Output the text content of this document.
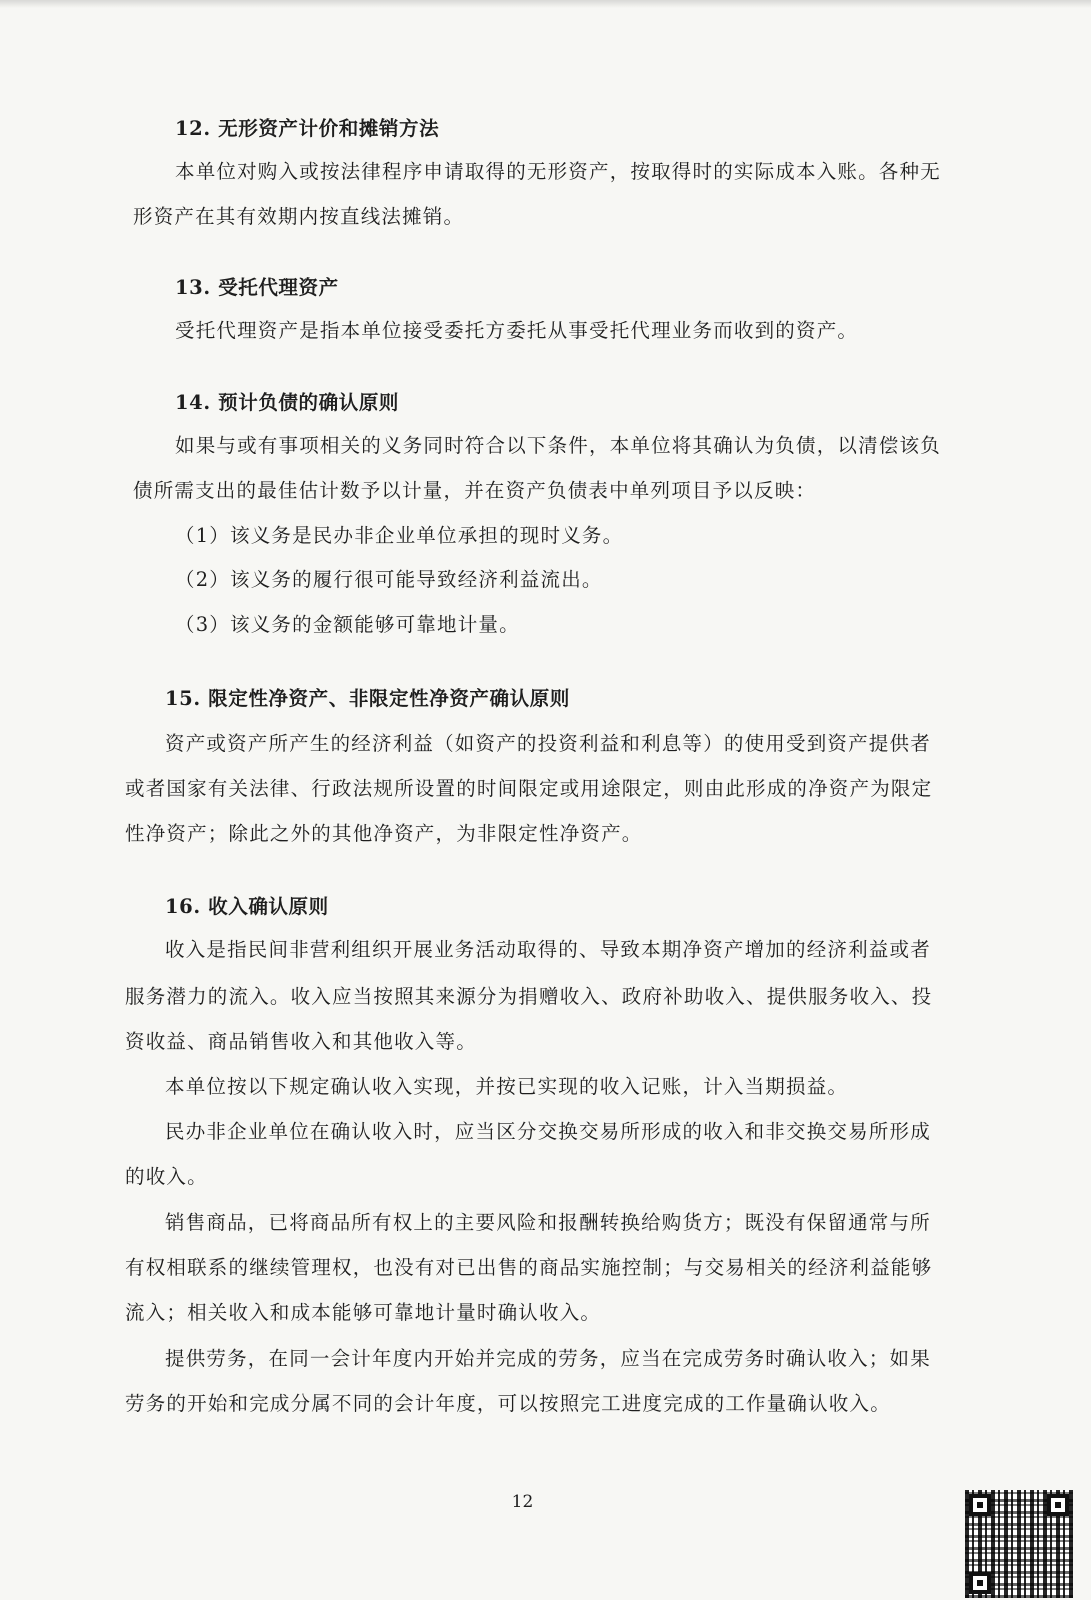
12. 无形资产计价和摊销方法
本单位对购入或按法律程序申请取得的无形资产，按取得时的实际成本入账。各种无
形资产在其有效期内按直线法摊销。
13. 受托代理资产
受托代理资产是指本单位接受委托方委托从事受托代理业务而收到的资产。
14. 预计负债的确认原则
如果与或有事项相关的义务同时符合以下条件，本单位将其确认为负债，以清偿该负
债所需支出的最佳估计数予以计量，并在资产负债表中单列项目予以反映：
（1）该义务是民办非企业单位承担的现时义务。
（2）该义务的履行很可能导致经济利益流出。
（3）该义务的金额能够可靠地计量。
15. 限定性净资产、非限定性净资产确认原则
资产或资产所产生的经济利益（如资产的投资利益和利息等）的使用受到资产提供者
或者国家有关法律、行政法规所设置的时间限定或用途限定，则由此形成的净资产为限定
性净资产；除此之外的其他净资产，为非限定性净资产。
16. 收入确认原则
收入是指民间非营利组织开展业务活动取得的、导致本期净资产增加的经济利益或者
服务潜力的流入。收入应当按照其来源分为捐赠收入、政府补助收入、提供服务收入、投
资收益、商品销售收入和其他收入等。
本单位按以下规定确认收入实现，并按已实现的收入记账，计入当期损益。
民办非企业单位在确认收入时，应当区分交换交易所形成的收入和非交换交易所形成
的收入。
销售商品，已将商品所有权上的主要风险和报酬转换给购货方；既没有保留通常与所
有权相联系的继续管理权，也没有对已出售的商品实施控制；与交易相关的经济利益能够
流入；相关收入和成本能够可靠地计量时确认收入。
提供劳务，在同一会计年度内开始并完成的劳务，应当在完成劳务时确认收入；如果
劳务的开始和完成分属不同的会计年度，可以按照完工进度完成的工作量确认收入。
12
